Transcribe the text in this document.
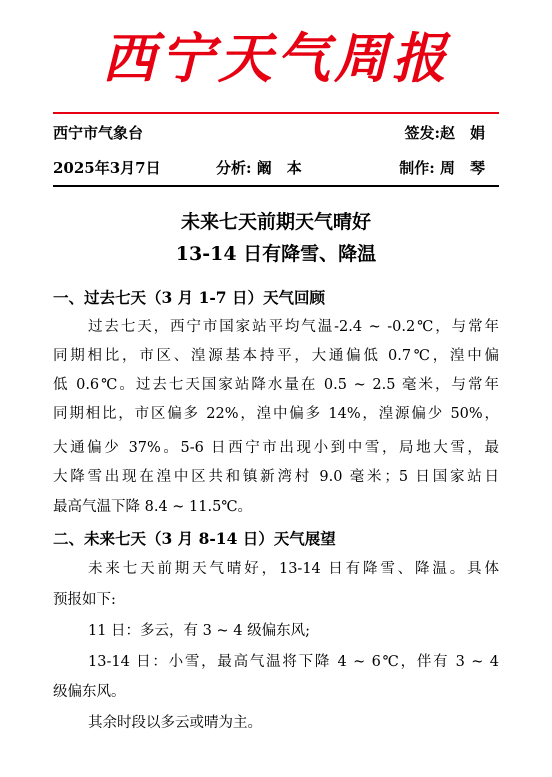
西宁天气周报
西宁市气象台	签发:赵　娟
2025年3月7日	分析: 阚　本	制作: 周　琴
未来七天前期天气晴好
13-14 日有降雪、降温
一、过去七天（3 月 1-7 日）天气回顾
过去七天，西宁市国家站平均气温-2.4 ~ -0.2℃，与常年
同期相比，市区、湟源基本持平，大通偏低 0.7℃，湟中偏
低 0.6℃。过去七天国家站降水量在 0.5 ~ 2.5 毫米，与常年
同期相比，市区偏多 22%，湟中偏多 14%，湟源偏少 50%，
大通偏少 37%。5-6 日西宁市出现小到中雪，局地大雪，最
大降雪出现在湟中区共和镇新湾村 9.0 毫米；5 日国家站日
最高气温下降 8.4 ~ 11.5℃。
二、未来七天（3 月 8-14 日）天气展望
未来七天前期天气晴好，13-14 日有降雪、降温。具体
预报如下:
11 日：多云，有 3 ~ 4 级偏东风;
13-14 日：小雪，最高气温将下降 4 ~ 6℃，伴有 3 ~ 4
级偏东风。
其余时段以多云或晴为主。
